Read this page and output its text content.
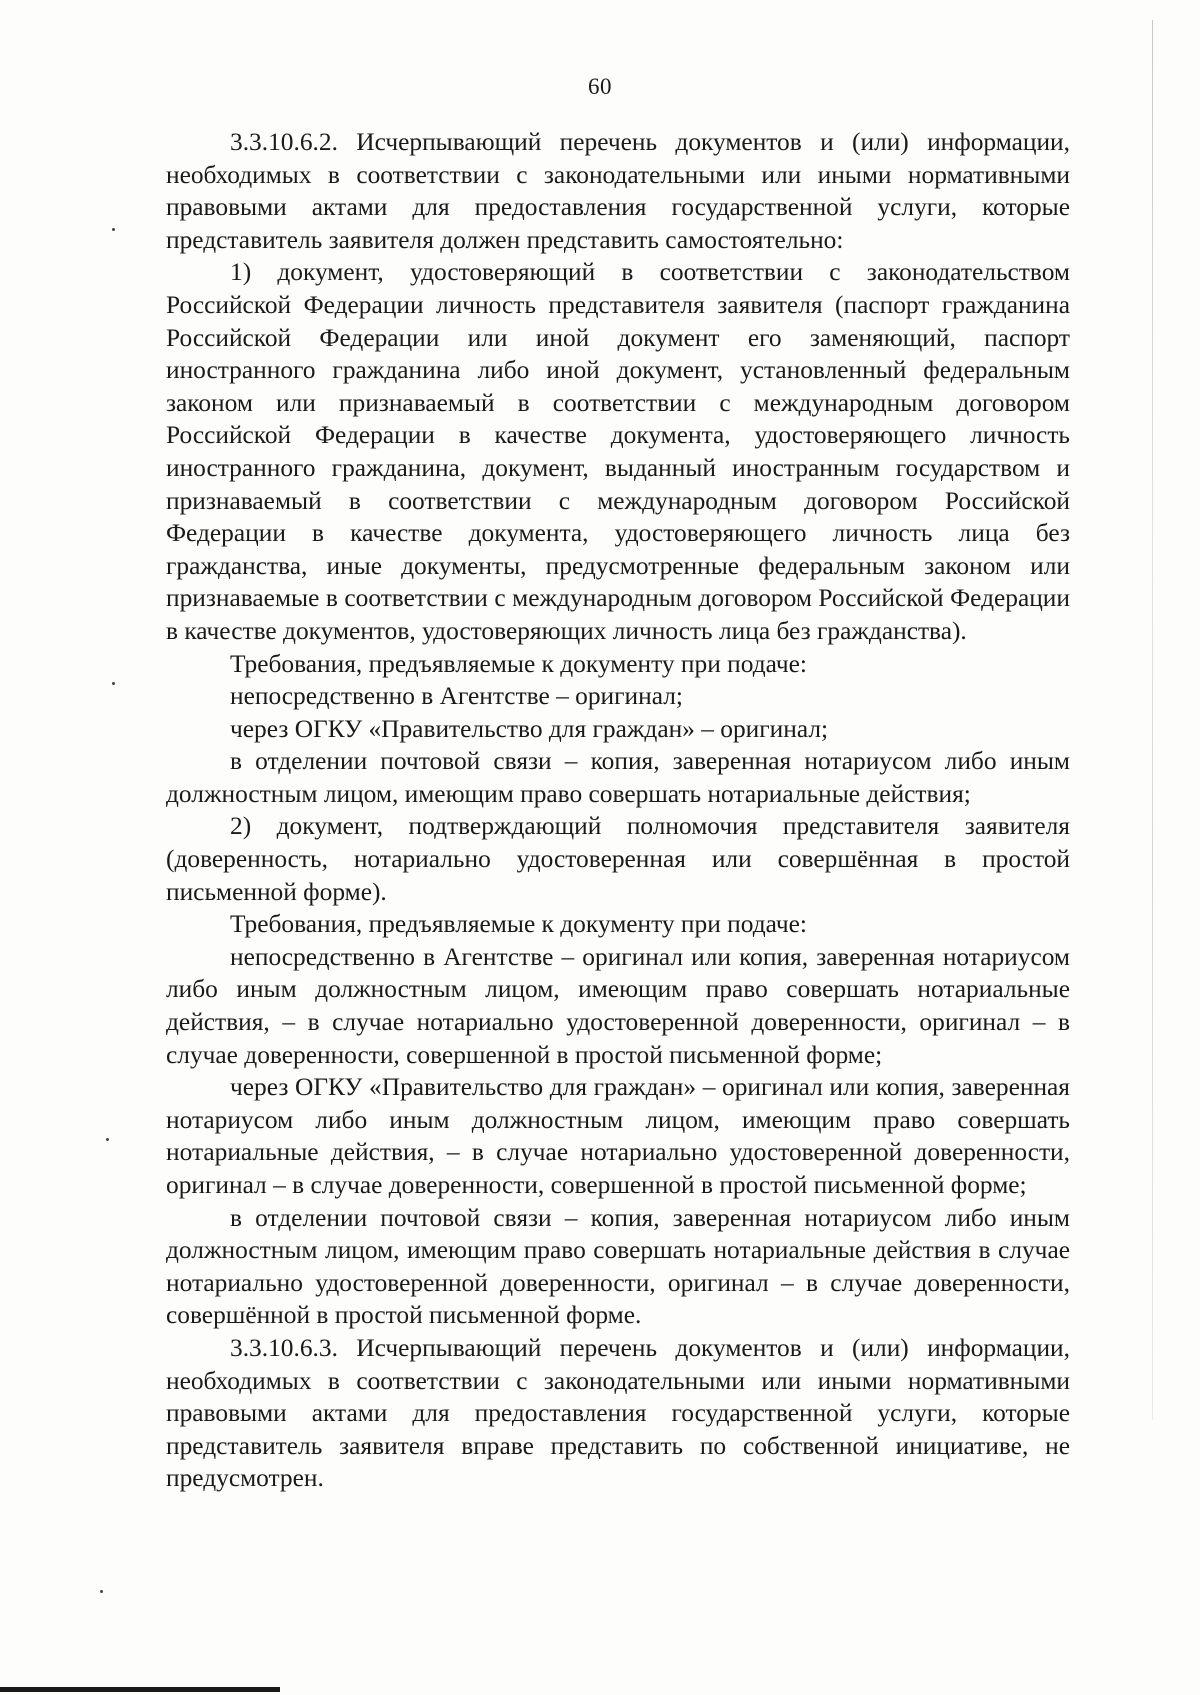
60

3.3.10.6.2. Исчерпывающий перечень документов и (или) информации, необходимых в соответствии с законодательными или иными нормативными правовыми актами для предоставления государственной услуги, которые представитель заявителя должен представить самостоятельно:

1) документ, удостоверяющий в соответствии с законодательством Российской Федерации личность представителя заявителя (паспорт гражданина Российской Федерации или иной документ его заменяющий, паспорт иностранного гражданина либо иной документ, установленный федеральным законом или признаваемый в соответствии с международным договором Российской Федерации в качестве документа, удостоверяющего личность иностранного гражданина, документ, выданный иностранным государством и признаваемый в соответствии с международным договором Российской Федерации в качестве документа, удостоверяющего личность лица без гражданства, иные документы, предусмотренные федеральным законом или признаваемые в соответствии с международным договором Российской Федерации в качестве документов, удостоверяющих личность лица без гражданства).

Требования, предъявляемые к документу при подаче:

непосредственно в Агентстве – оригинал;

через ОГКУ «Правительство для граждан» – оригинал;

в отделении почтовой связи – копия, заверенная нотариусом либо иным должностным лицом, имеющим право совершать нотариальные действия;

2) документ, подтверждающий полномочия представителя заявителя (доверенность, нотариально удостоверенная или совершённая в простой письменной форме).

Требования, предъявляемые к документу при подаче:

непосредственно в Агентстве – оригинал или копия, заверенная нотариусом либо иным должностным лицом, имеющим право совершать нотариальные действия, – в случае нотариально удостоверенной доверенности, оригинал – в случае доверенности, совершенной в простой письменной форме;

через ОГКУ «Правительство для граждан» – оригинал или копия, заверенная нотариусом либо иным должностным лицом, имеющим право совершать нотариальные действия, – в случае нотариально удостоверенной доверенности, оригинал – в случае доверенности, совершенной в простой письменной форме;

в отделении почтовой связи – копия, заверенная нотариусом либо иным должностным лицом, имеющим право совершать нотариальные действия в случае нотариально удостоверенной доверенности, оригинал – в случае доверенности, совершённой в простой письменной форме.

3.3.10.6.3. Исчерпывающий перечень документов и (или) информации, необходимых в соответствии с законодательными или иными нормативными правовыми актами для предоставления государственной услуги, которые представитель заявителя вправе представить по собственной инициативе, не предусмотрен.
